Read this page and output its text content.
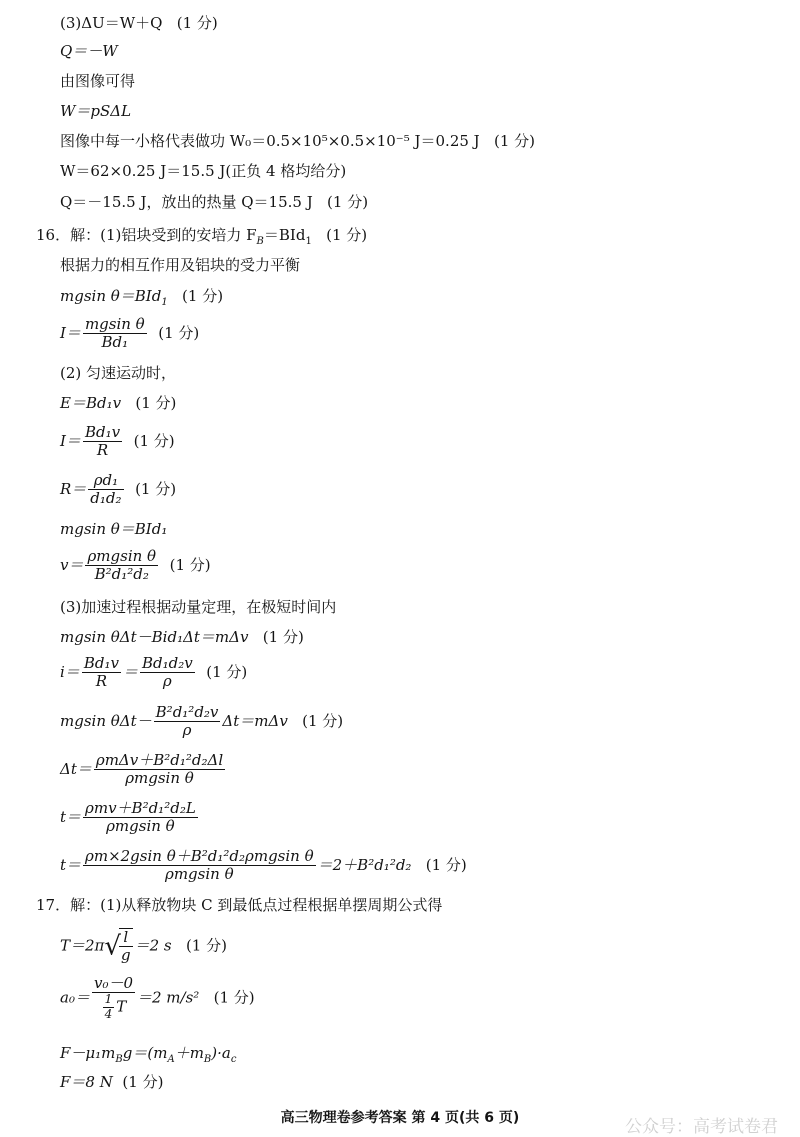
(3)ΔU＝W＋Q (1 分)
Q＝－W
由图像可得
W＝pSΔL
图像中每一小格代表做功 W₀＝0.5×10⁵×0.5×10⁻⁵ J＝0.25 J (1 分)
W＝62×0.25 J＝15.5 J(正负 4 格均给分)
Q＝－15.5 J，放出的热量 Q＝15.5 J (1 分)
16．解：(1)铝块受到的安培力 $F_B=BId_1$ (1 分)
根据力的相互作用及铝块的受力平衡
mgsin θ＝BId$_1$ (1 分)
$I= \frac{\text{mgsin θ}}{\text{Bd₁}} (1$ 分)
(2) 匀速运动时，
E＝Bd₁v (1 分)
$I= \frac{\text{Bd₁v}}{R} (1$ 分)
$R= \frac{\text{ρd₁}}{\text{d₁d₂}} (1$ 分)
mgsin θ＝BId₁
v＝ ρmgsin θ
B²d₁²d₂
(1 分)
(3)加速过程根据动量定理，在极短时间内
mgsin θΔt－Bid₁Δt＝mΔv (1 分)
$i= \frac{\text{Bd₁v}}{R} = \frac{\text{Bd₁d₂v}}{\rho} (1$ 分)
mgsin $\theta\Delta t- \frac{\text{B²d₁²d₂v}}{\rho} \Delta t=m\Delta v$ (1 分)
Δt＝ ρmΔv＋B²d₁²d₂Δl
ρmgsin θ
t＝ ρmv＋B²d₁²d₂L
ρmgsin θ
t＝ ρm×2gsin θ＋B²d₁²d₂ρmgsin θ
ρmgsin θ
＝2＋B²d₁²d₂ (1 分)
17．解：(1)从释放物块 C 到最低点过程根据单摆周期公式得
T＝2π√
$\frac{l}{g} =2$ s (1 分)
$a_0= \frac{\text{v₀－0}}{\frac{1}{4} T} =2$ m/s² (1 分)
$F-\mu_1m_Bg=(m_A+m_B)\cdot a_c$
F＝8 N (1 分)
高三物理卷参考答案 第 4 页(共 6 页)	公众号：高考试卷君
